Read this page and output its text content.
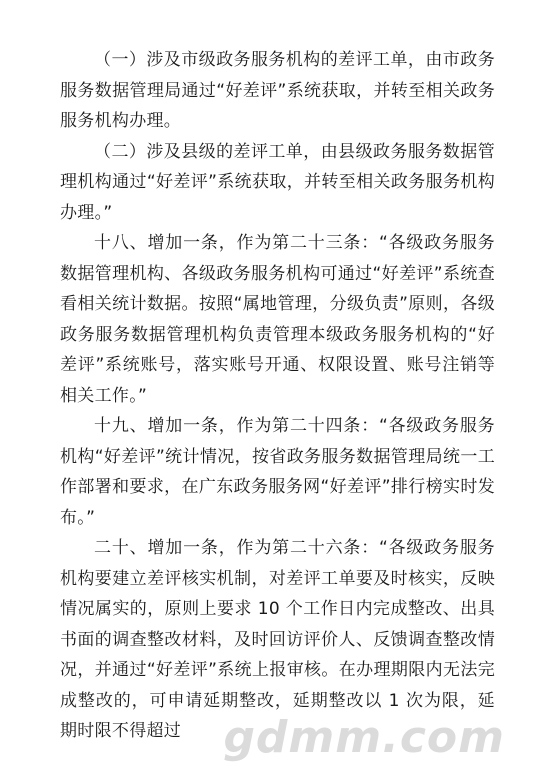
（一）涉及市级政务服务机构的差评工单，由市政务服务数据管理局通过“好差评”系统获取，并转至相关政务服务机构办理。

（二）涉及县级的差评工单，由县级政务服务数据管理机构通过“好差评”系统获取，并转至相关政务服务机构办理。”

十八、增加一条，作为第二十三条：“各级政务服务数据管理机构、各级政务服务机构可通过“好差评”系统查看相关统计数据。按照“属地管理，分级负责”原则，各级政务服务数据管理机构负责管理本级政务服务机构的“好差评”系统账号，落实账号开通、权限设置、账号注销等相关工作。”

十九、增加一条，作为第二十四条：“各级政务服务机构“好差评”统计情况，按省政务服务数据管理局统一工作部署和要求，在广东政务服务网“好差评”排行榜实时发布。”

二十、增加一条，作为第二十六条：“各级政务服务机构要建立差评核实机制，对差评工单要及时核实，反映情况属实的，原则上要求 10 个工作日内完成整改、出具书面的调查整改材料，及时回访评价人、反馈调查整改情况，并通过“好差评”系统上报审核。在办理期限内无法完成整改的，可申请延期整改，延期整改以 1 次为限，延期时限不得超过 gdmm.com
